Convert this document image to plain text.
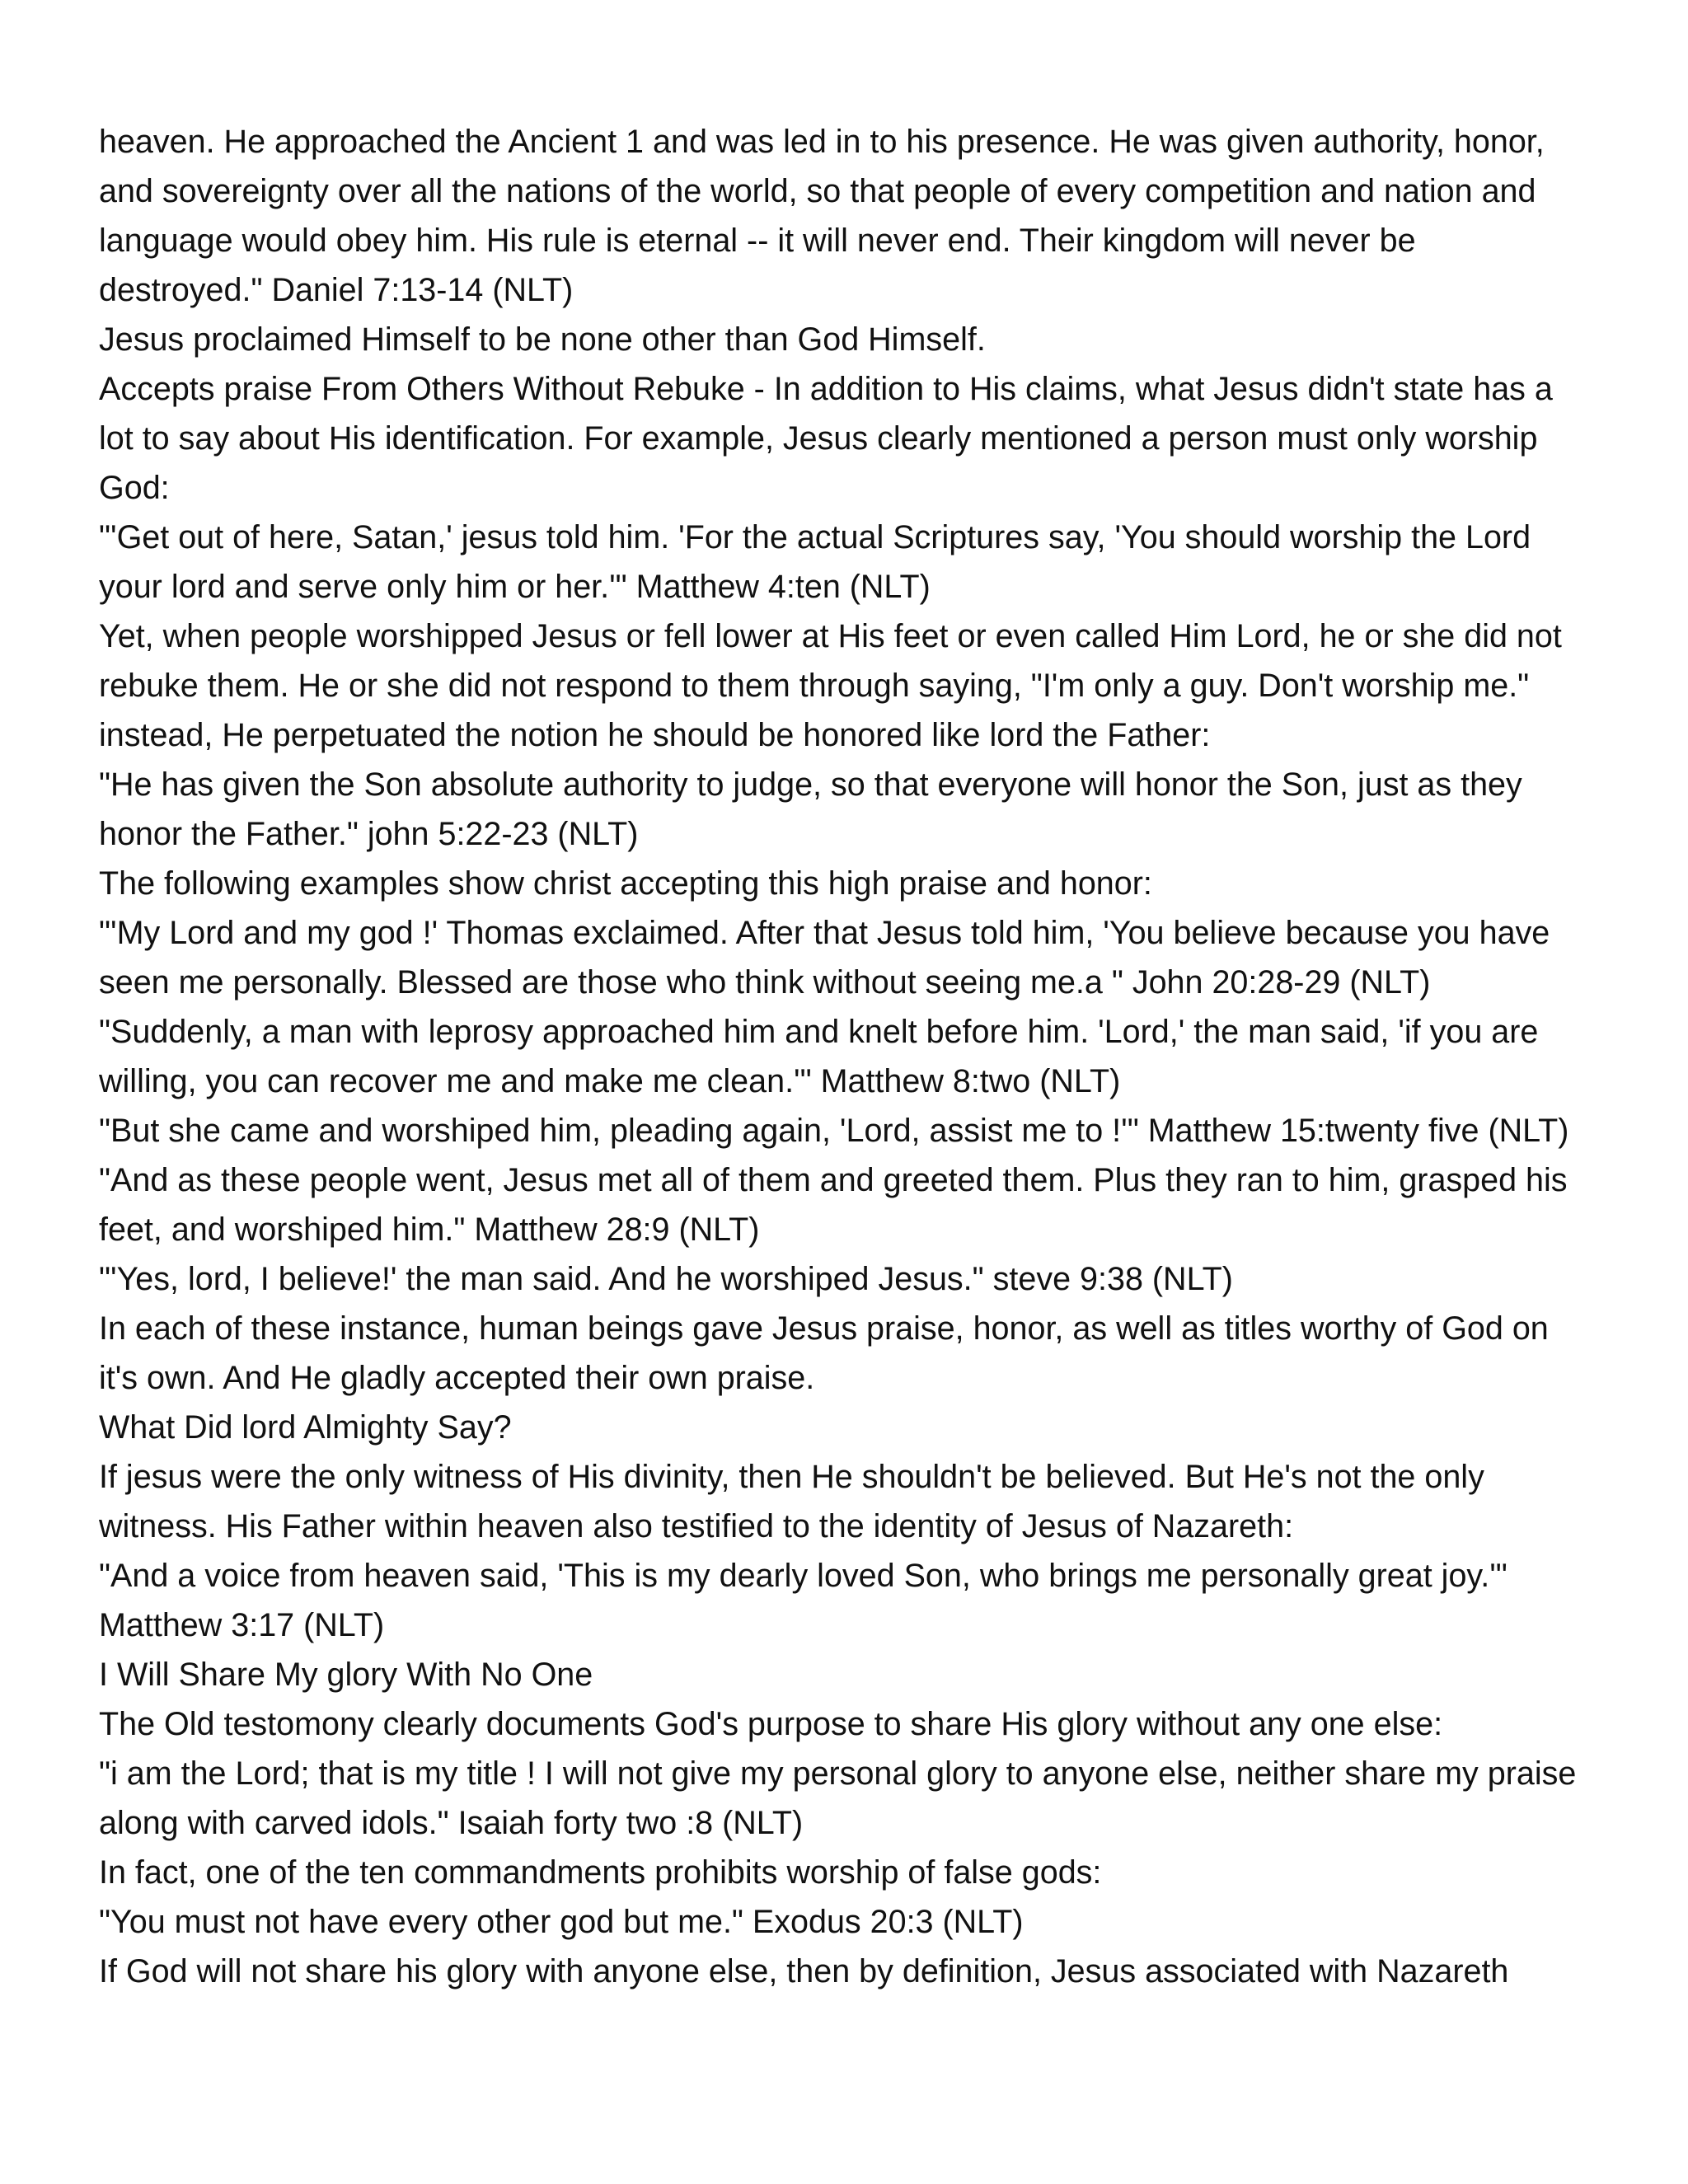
heaven. He approached the Ancient 1 and was led in to his presence. He was given authority, honor, and sovereignty over all the nations of the world, so that people of every competition and nation and language would obey him. His rule is eternal -- it will never end. Their kingdom will never be destroyed." Daniel 7:13-14 (NLT)

Jesus proclaimed Himself to be none other than God Himself.

Accepts praise From Others Without Rebuke - In addition to His claims, what Jesus didn't state has a lot to say about His identification. For example, Jesus clearly mentioned a person must only worship God:

"'Get out of here, Satan,' jesus told him. 'For the actual Scriptures say, 'You should worship the Lord your lord and serve only him or her.'" Matthew 4:ten (NLT)

Yet, when people worshipped Jesus or fell lower at His feet or even called Him Lord, he or she did not rebuke them. He or she did not respond to them through saying, "I'm only a guy. Don't worship me." instead, He perpetuated the notion he should be honored like lord the Father:

"He has given the Son absolute authority to judge, so that everyone will honor the Son, just as they honor the Father." john 5:22-23 (NLT)

The following examples show christ accepting this high praise and honor:

"'My Lord and my god !' Thomas exclaimed. After that Jesus told him, 'You believe because you have seen me personally. Blessed are those who think without seeing me.a " John 20:28-29 (NLT)

"Suddenly, a man with leprosy approached him and knelt before him. 'Lord,' the man said, 'if you are willing, you can recover me and make me clean.'" Matthew 8:two (NLT)

"But she came and worshiped him, pleading again, 'Lord, assist me to !'" Matthew 15:twenty five (NLT)

"And as these people went, Jesus met all of them and greeted them. Plus they ran to him, grasped his feet, and worshiped him." Matthew 28:9 (NLT)

"'Yes, lord, I believe!' the man said. And he worshiped Jesus." steve 9:38 (NLT)

In each of these instance, human beings gave Jesus praise, honor, as well as titles worthy of God on it's own. And He gladly accepted their own praise.

What Did lord Almighty Say?

If jesus were the only witness of His divinity, then He shouldn't be believed. But He's not the only witness. His Father within heaven also testified to the identity of Jesus of Nazareth:

"And a voice from heaven said, 'This is my dearly loved Son, who brings me personally great joy.'" Matthew 3:17 (NLT)

I Will Share My glory With No One

The Old testomony clearly documents God's purpose to share His glory without any one else:

"i am the Lord; that is my title ! I will not give my personal glory to anyone else, neither share my praise along with carved idols." Isaiah forty two :8 (NLT)

In fact, one of the ten commandments prohibits worship of false gods:

"You must not have every other god but me." Exodus 20:3 (NLT)

If God will not share his glory with anyone else, then by definition, Jesus associated with Nazareth
